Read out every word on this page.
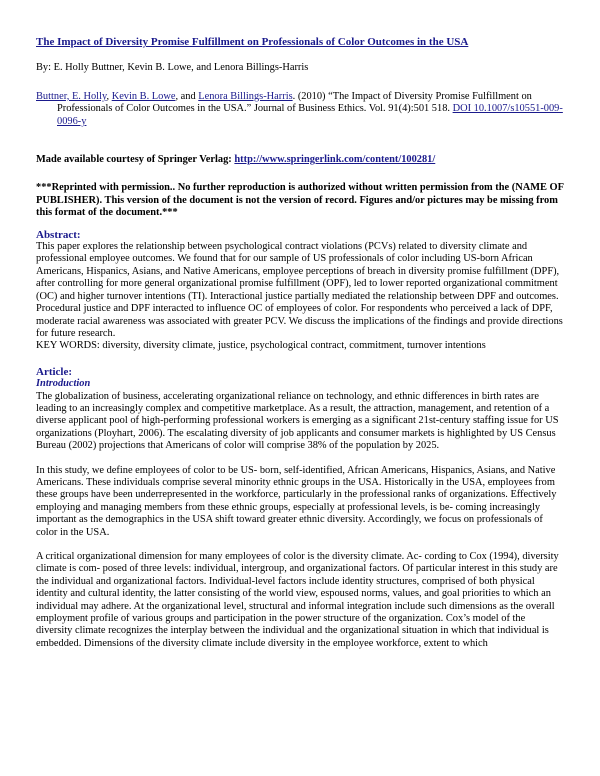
The Impact of Diversity Promise Fulfillment on Professionals of Color Outcomes in the USA

By: E. Holly Buttner, Kevin B. Lowe, and Lenora Billings-Harris
Buttner, E. Holly, Kevin B. Lowe, and Lenora Billings-Harris. (2010) “The Impact of Diversity Promise Fulfillment on Professionals of Color Outcomes in the USA.” Journal of Business Ethics. Vol. 91(4):501 518. DOI 10.1007/s10551-009-0096-y
Made available courtesy of Springer Verlag: http://www.springerlink.com/content/100281/
***Reprinted with permission.. No further reproduction is authorized without written permission from the (NAME OF PUBLISHER). This version of the document is not the version of record. Figures and/or pictures may be missing from this format of the document.***
Abstract:

This paper explores the relationship between psychological contract violations (PCVs) related to diversity climate and professional employee outcomes. We found that for our sample of US professionals of color including US-born African Americans, Hispanics, Asians, and Native Americans, employee perceptions of breach in diversity promise fulfillment (DPF), after controlling for more general organizational promise fulfillment (OPF), led to lower reported organizational commitment (OC) and higher turnover intentions (TI). Interactional justice partially mediated the relationship between DPF and outcomes. Procedural justice and DPF interacted to influence OC of employees of color. For respondents who perceived a lack of DPF, moderate racial awareness was associated with greater PCV. We discuss the implications of the findings and provide directions for future research.

KEY WORDS: diversity, diversity climate, justice, psychological contract, commitment, turnover intentions

Article:
Introduction

The globalization of business, accelerating organizational reliance on technology, and ethnic differences in birth rates are leading to an increasingly complex and competitive marketplace. As a result, the attraction, management, and retention of a diverse applicant pool of high-performing professional workers is emerging as a significant 21st-century staffing issue for US organizations (Ployhart, 2006). The escalating diversity of job applicants and consumer markets is highlighted by US Census Bureau (2002) projections that Americans of color will comprise 38% of the population by 2025.

In this study, we define employees of color to be US- born, self-identified, African Americans, Hispanics, Asians, and Native Americans. These individuals comprise several minority ethnic groups in the USA. Historically in the USA, employees from these groups have been underrepresented in the workforce, particularly in the professional ranks of organizations. Effectively employing and managing members from these ethnic groups, especially at professional levels, is be- coming increasingly important as the demographics in the USA shift toward greater ethnic diversity. Accordingly, we focus on professionals of color in the USA.

A critical organizational dimension for many employees of color is the diversity climate. Ac- cording to Cox (1994), diversity climate is com- posed of three levels: individual, intergroup, and organizational factors. Of particular interest in this study are the individual and organizational factors. Individual-level factors include identity structures, comprised of both physical identity and cultural identity, the latter consisting of the world view, espoused norms, values, and goal priorities to which an individual may adhere. At the organizational level, structural and informal integration include such dimensions as the overall employment profile of various groups and participation in the power structure of the organization. Cox’s model of the diversity climate recognizes the interplay between the individual and the organizational situation in which that individual is embedded. Dimensions of the diversity climate include diversity in the employee workforce, extent to which
